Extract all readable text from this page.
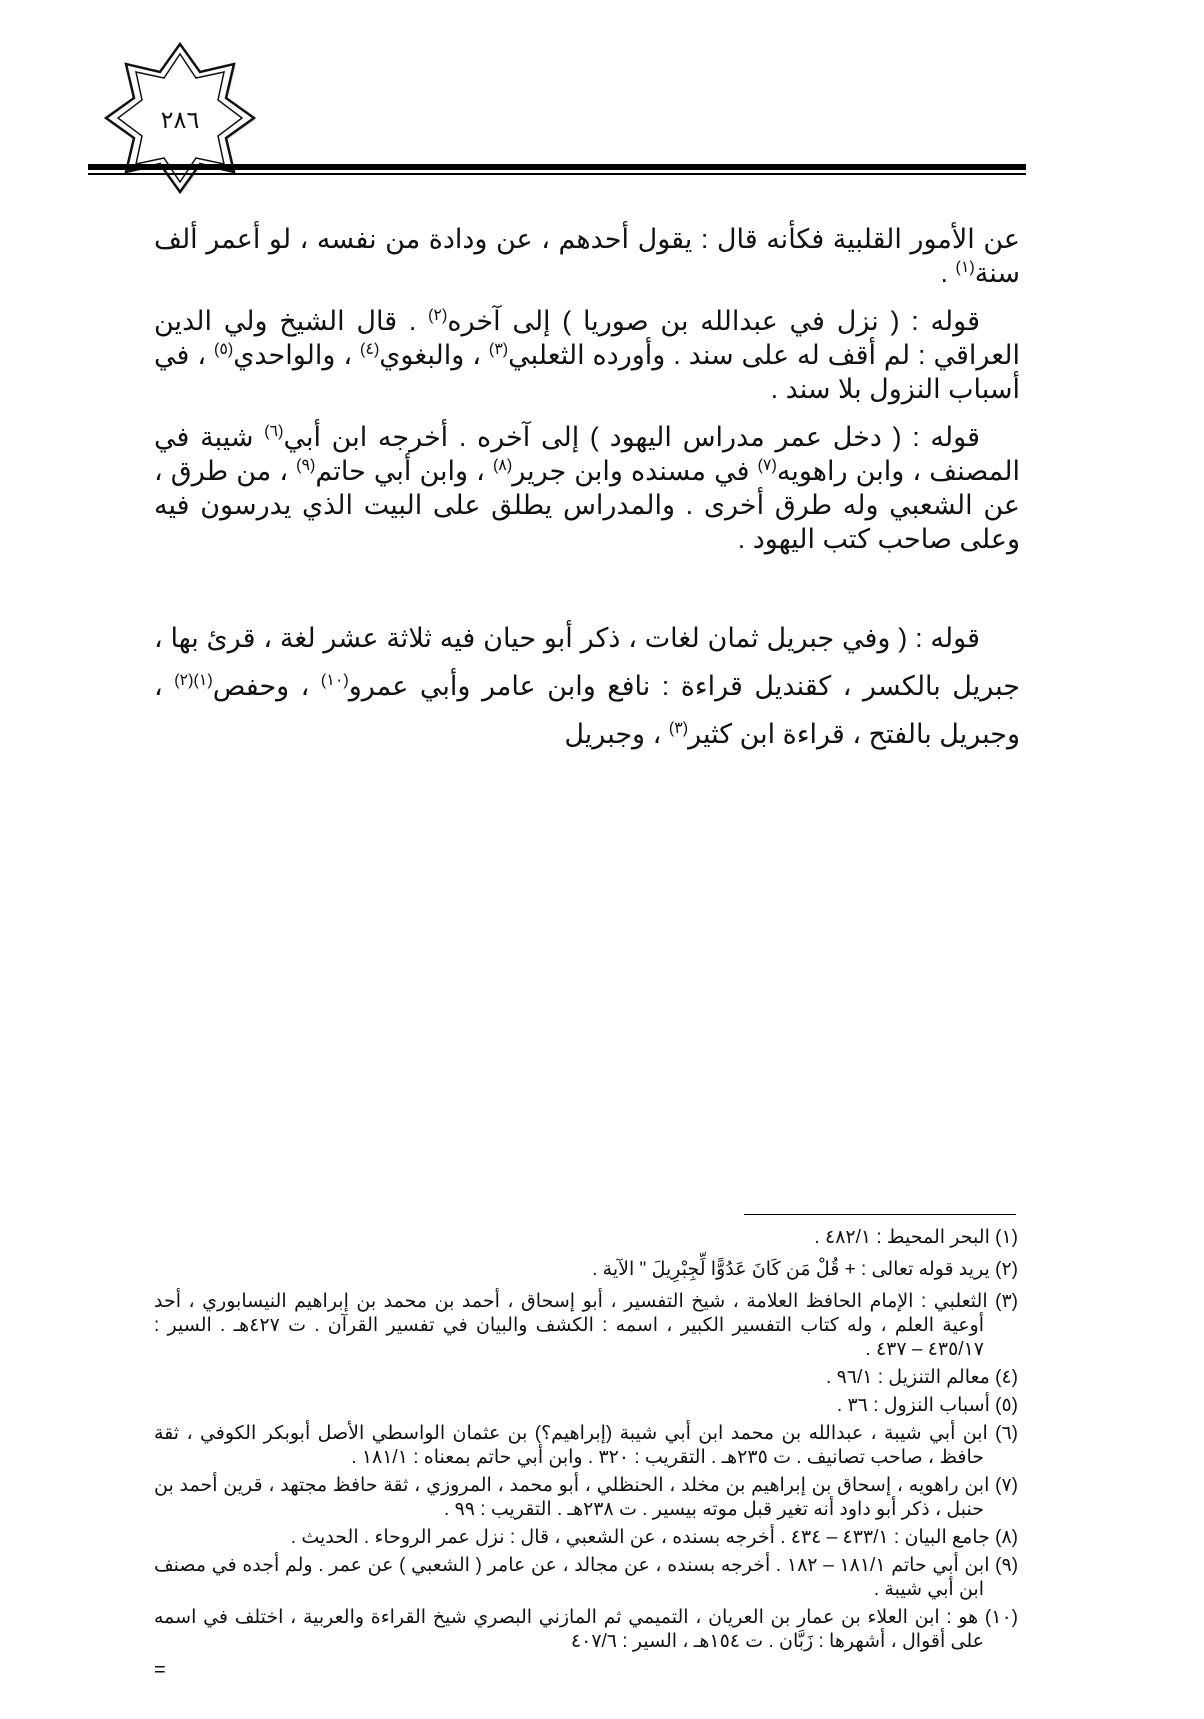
٢٨٦

عن الأمور القلبية فكأنه قال : يقول أحدهم ، عن ودادة من نفسه ، لو أعمر ألف سنة$^{(١)}$ .

قوله : ( نزل في عبدالله بن صوريا ) إلى آخره$^{(٢)}$ . قال الشيخ ولي الدين العراقي : لم أقف له على سند . وأورده الثعلبي$^{(٣)}$ ، والبغوي$^{(٤)}$ ، والواحدي$^{(٥)}$ ، في أسباب النزول بلا سند .

قوله : ( دخل عمر مدراس اليهود ) إلى آخره . أخرجه ابن أبي$^{(٦)}$ شيبة في المصنف ، وابن راهويه$^{(٧)}$ في مسنده وابن جرير$^{(٨)}$ ، وابن أبي حاتم$^{(٩)}$ ، من طرق ، عن الشعبي وله طرق أخرى . والمدراس يطلق على البيت الذي يدرسون فيه وعلى صاحب كتب اليهود .

قوله : ( وفي جبريل ثمان لغات ، ذكر أبو حيان فيه ثلاثة عشر لغة ، قرئ بها ، جبريل بالكسر ، كقنديل قراءة : نافع وابن عامر وأبي عمرو$^{(١٠)}$ ، وحفص$^{(١)(٢)}$ ، وجبريل بالفتح ، قراءة ابن كثير$^{(٣)}$ ، وجبريل

(١) البحر المحيط : ٤٨٢/١ .

(٢) يريد قوله تعالى : + قُلْ مَن كَانَ عَدُوًّا لِّجِبْرِيلَ " الآية .

(٣) الثعلبي : الإمام الحافظ العلامة ، شيخ التفسير ، أبو إسحاق ، أحمد بن محمد بن إبراهيم النيسابوري ، أحد أوعية العلم ، وله كتاب التفسير الكبير ، اسمه : الكشف والبيان في تفسير القرآن . ت ٤٢٧هـ . السير : ٤٣٥/١٧ – ٤٣٧ .

(٤) معالم التنزيل : ٩٦/١ .

(٥) أسباب النزول : ٣٦ .

(٦) ابن أبي شيبة ، عبدالله بن محمد ابن أبي شيبة (إبراهيم؟) بن عثمان الواسطي الأصل أبوبكر الكوفي ، ثقة حافظ ، صاحب تصانيف . ت ٢٣٥هـ . التقريب : ٣٢٠ . وابن أبي حاتم بمعناه : ١٨١/١ .

(٧) ابن راهويه ، إسحاق بن إبراهيم بن مخلد ، الحنظلي ، أبو محمد ، المروزي ، ثقة حافظ مجتهد ، قرين أحمد بن حنبل ، ذكر أبو داود أنه تغير قبل موته بيسير . ت ٢٣٨هـ . التقريب : ٩٩ .

(٨) جامع البيان : ٤٣٣/١ – ٤٣٤ . أخرجه بسنده ، عن الشعبي ، قال : نزل عمر الروحاء . الحديث .

(٩) ابن أبي حاتم ١٨١/١ – ١٨٢ . أخرجه بسنده ، عن مجالد ، عن عامر ( الشعبي ) عن عمر . ولم أجده في مصنف ابن أبي شيبة .

(١٠) هو : ابن العلاء بن عمار بن العريان ، التميمي ثم المازني البصري شيخ القراءة والعربية ، اختلف في اسمه على أقوال ، أشهرها : زَبَّان . ت ١٥٤هـ ، السير : ٤٠٧/٦

=
